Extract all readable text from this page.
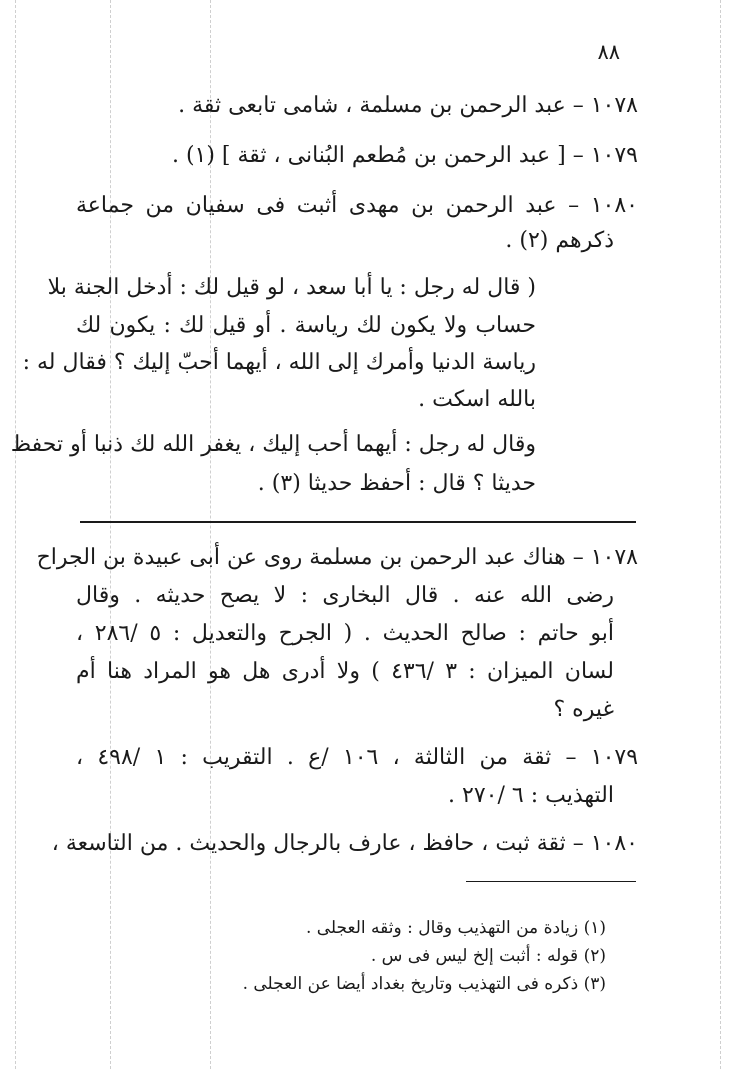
٨٨
١٠٧٨ – عبد الرحمن بن مسلمة ، شامى تابعى ثقة .
١٠٧٩ – [ عبد الرحمن بن مُطعم البُنانى ، ثقة ] (١) .
١٠٨٠ – عبد الرحمن بن مهدى أثبت فى سفيان من جماعة
ذكرهم (٢) .
( قال له رجل : يا أبا سعد ، لو قيل لك : أدخل الجنة بلا
حساب ولا يكون لك رياسة . أو قيل لك : يكون لك
رياسة الدنيا وأمرك إلى الله ، أيهما أحبّ إليك ؟ فقال له :
بالله اسكت .
وقال له رجل : أيهما أحب إليك ، يغفر الله لك ذنبا أو تحفظ
حديثا ؟ قال : أحفظ حديثا (٣) .
١٠٧٨ – هناك عبد الرحمن بن مسلمة روى عن أبى عبيدة بن الجراح
رضى الله عنه . قال البخارى : لا يصح حديثه . وقال
أبو حاتم : صالح الحديث . ( الجرح والتعديل : ٥ /٢٨٦ ،
لسان الميزان : ٣ /٤٣٦ ) ولا أدرى هل هو المراد هنا أم
غيره ؟
١٠٧٩ – ثقة من الثالثة ، ١٠٦ /ع . التقريب : ١ /٤٩٨ ،
التهذيب : ٦ /٢٧٠ .
١٠٨٠ – ثقة ثبت ، حافظ ، عارف بالرجال والحديث . من التاسعة ،
(١) زيادة من التهذيب وقال : وثقه العجلى .
(٢) قوله : أثبت إلخ ليس فى س .
(٣) ذكره فى التهذيب وتاريخ بغداد أيضا عن العجلى .
